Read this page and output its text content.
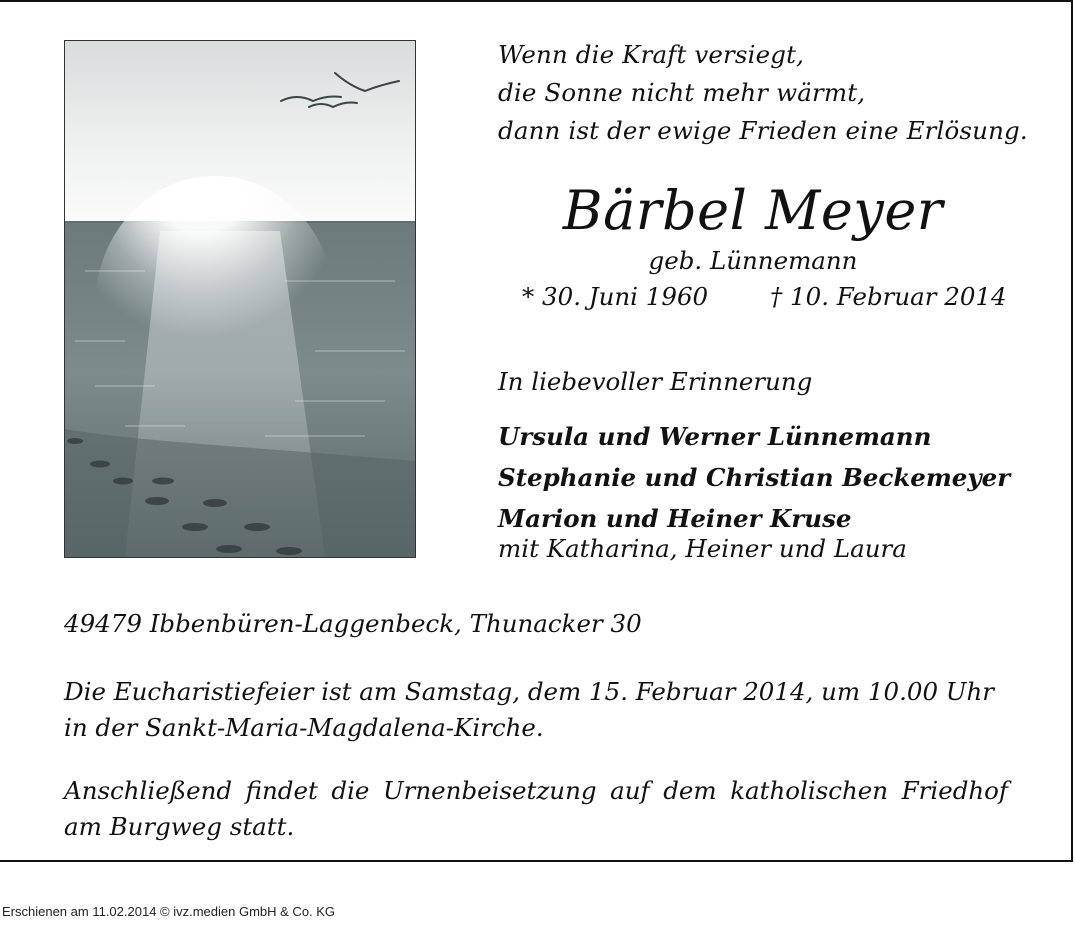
Wenn die Kraft versiegt,
die Sonne nicht mehr wärmt,
dann ist der ewige Frieden eine Erlösung.
Bärbel Meyer
geb. Lünnemann
* 30. Juni 1960	† 10. Februar 2014
In liebevoller Erinnerung
Ursula und Werner Lünnemann
Stephanie und Christian Beckemeyer
Marion und Heiner Kruse
mit Katharina, Heiner und Laura
49479 Ibbenbüren-Laggenbeck, Thunacker 30
Die Eucharistiefeier ist am Samstag, dem 15. Februar 2014, um 10.00 Uhr in der Sankt-Maria-Magdalena-Kirche.
Anschließend findet die Urnenbeisetzung auf dem katholischen Friedhof am Burgweg statt.
Erschienen am 11.02.2014 © ivz.medien GmbH & Co. KG
